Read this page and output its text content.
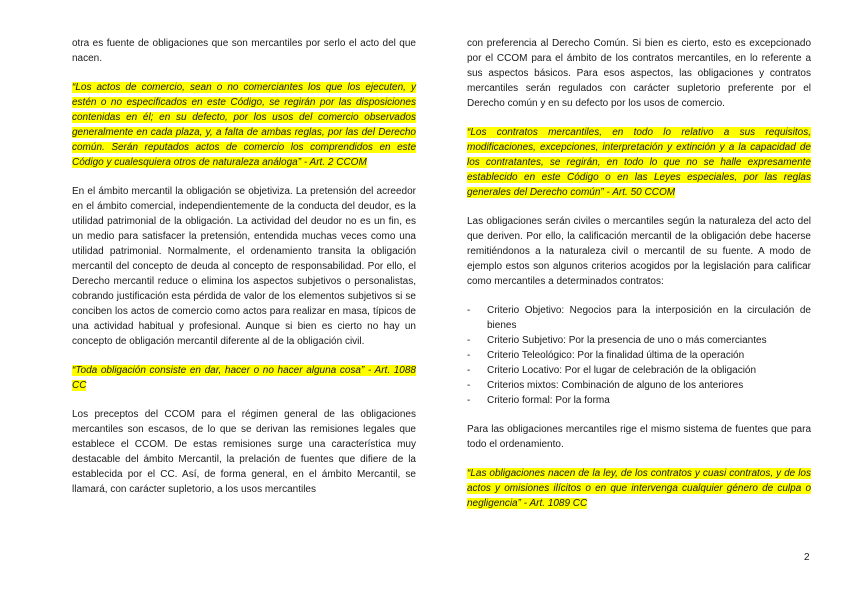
otra es fuente de obligaciones que son mercantiles por serlo el acto del que nacen.

“Los actos de comercio, sean o no comerciantes los que los ejecuten, y estén o no especificados en este Código, se regirán por las disposiciones contenidas en él; en su defecto, por los usos del comercio observados generalmente en cada plaza, y, a falta de ambas reglas, por las del Derecho común. Serán reputados actos de comercio los comprendidos en este Código y cualesquiera otros de naturaleza análoga” - Art. 2 CCOM

En el ámbito mercantil la obligación se objetiviza. La pretensión del acreedor en el ámbito comercial, independientemente de la conducta del deudor, es la utilidad patrimonial de la obligación. La actividad del deudor no es un fin, es un medio para satisfacer la pretensión, entendida muchas veces como una utilidad patrimonial. Normalmente, el ordenamiento transita la obligación mercantil del concepto de deuda al concepto de responsabilidad. Por ello, el Derecho mercantil reduce o elimina los aspectos subjetivos o personalistas, cobrando justificación esta pérdida de valor de los elementos subjetivos si se conciben los actos de comercio como actos para realizar en masa, típicos de una actividad habitual y profesional. Aunque si bien es cierto no hay un concepto de obligación mercantil diferente al de la obligación civil.

“Toda obligación consiste en dar, hacer o no hacer alguna cosa” - Art. 1088 CC

Los preceptos del CCOM para el régimen general de las obligaciones mercantiles son escasos, de lo que se derivan las remisiones legales que establece el CCOM. De estas remisiones surge una característica muy destacable del ámbito Mercantil, la prelación de fuentes que difiere de la establecida por el CC. Así, de forma general, en el ámbito Mercantil, se llamará, con carácter supletorio, a los usos mercantiles

con preferencia al Derecho Común. Si bien es cierto, esto es excepcionado por el CCOM para el ámbito de los contratos mercantiles, en lo referente a sus aspectos básicos. Para esos aspectos, las obligaciones y contratos mercantiles serán regulados con carácter supletorio preferente por el Derecho común y en su defecto por los usos de comercio.

“Los contratos mercantiles, en todo lo relativo a sus requisitos, modificaciones, excepciones, interpretación y extinción y a la capacidad de los contratantes, se regirán, en todo lo que no se halle expresamente establecido en este Código o en las Leyes especiales, por las reglas generales del Derecho común” - Art. 50 CCOM

Las obligaciones serán civiles o mercantiles según la naturaleza del acto del que deriven. Por ello, la calificación mercantil de la obligación debe hacerse remitiéndonos a la naturaleza civil o mercantil de su fuente. A modo de ejemplo estos son algunos criterios acogidos por la legislación para calificar como mercantiles a determinados contratos:

- Criterio Objetivo: Negocios para la interposición en la circulación de bienes
- Criterio Subjetivo: Por la presencia de uno o más comerciantes
- Criterio Teleológico: Por la finalidad última de la operación
- Criterio Locativo: Por el lugar de celebración de la obligación
- Criterios mixtos: Combinación de alguno de los anteriores
- Criterio formal: Por la forma

Para las obligaciones mercantiles rige el mismo sistema de fuentes que para todo el ordenamiento.

“Las obligaciones nacen de la ley, de los contratos y cuasi contratos, y de los actos y omisiones ilícitos o en que intervenga cualquier género de culpa o negligencia” - Art. 1089 CC

2
